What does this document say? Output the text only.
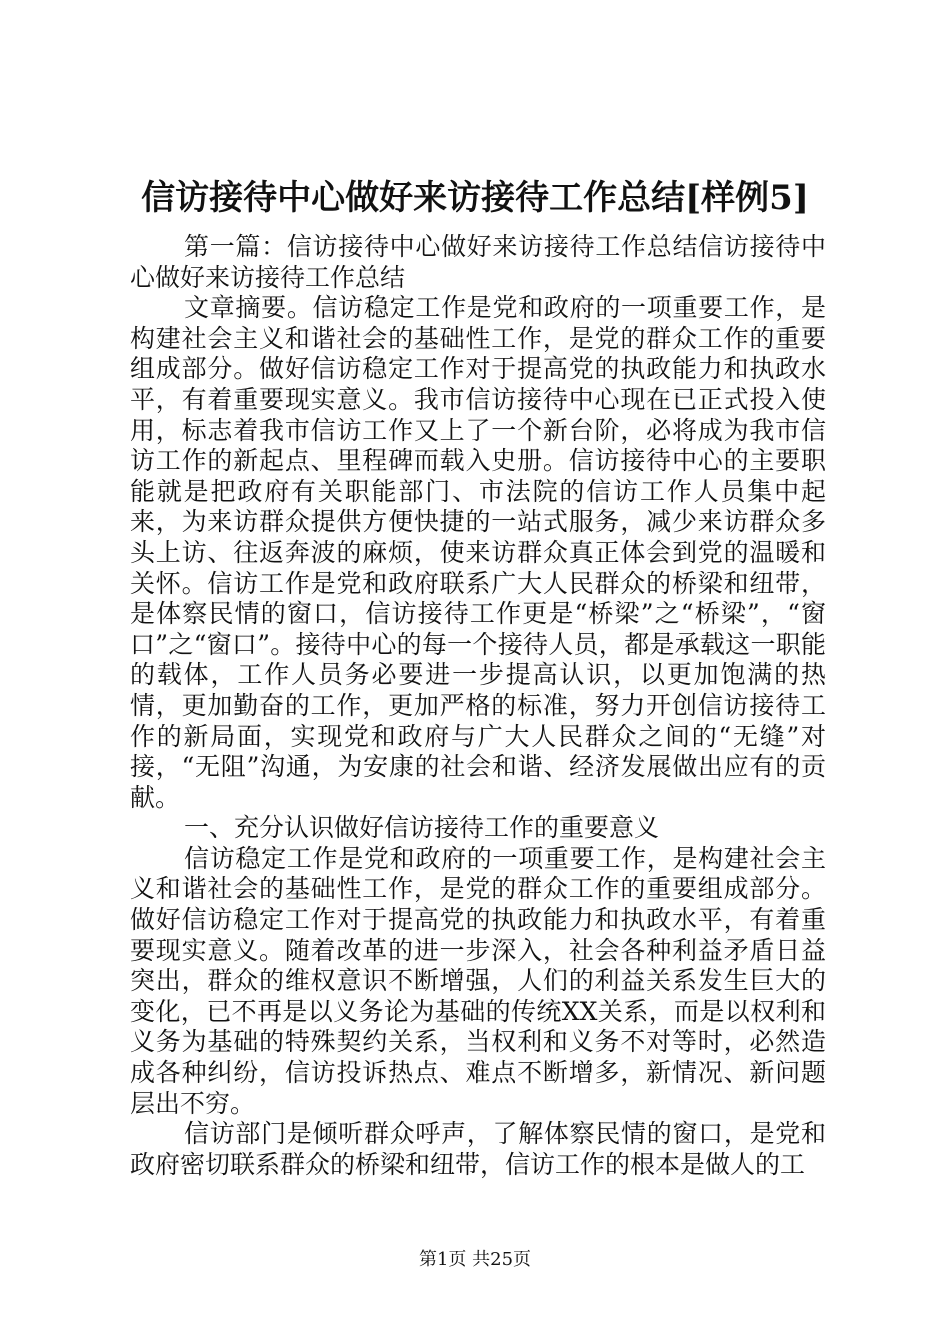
信访接待中心做好来访接待工作总结[样例5]

第一篇：信访接待中心做好来访接待工作总结信访接待中心做好来访接待工作总结

文章摘要。信访稳定工作是党和政府的一项重要工作，是构建社会主义和谐社会的基础性工作，是党的群众工作的重要组成部分。做好信访稳定工作对于提高党的执政能力和执政水平，有着重要现实意义。我市信访接待中心现在已正式投入使用，标志着我市信访工作又上了一个新台阶，必将成为我市信访工作的新起点、里程碑而载入史册。信访接待中心的主要职能就是把政府有关职能部门、市法院的信访工作人员集中起来，为来访群众提供方便快捷的一站式服务，减少来访群众多头上访、往返奔波的麻烦，使来访群众真正体会到党的温暖和关怀。信访工作是党和政府联系广大人民群众的桥梁和纽带，是体察民情的窗口，信访接待工作更是“桥梁”之“桥梁”，“窗口”之“窗口”。接待中心的每一个接待人员，都是承载这一职能的载体，工作人员务必要进一步提高认识，以更加饱满的热情，更加勤奋的工作，更加严格的标准，努力开创信访接待工作的新局面，实现党和政府与广大人民群众之间的“无缝”对接，“无阻”沟通，为安康的社会和谐、经济发展做出应有的贡献。

一、充分认识做好信访接待工作的重要意义

信访稳定工作是党和政府的一项重要工作，是构建社会主义和谐社会的基础性工作，是党的群众工作的重要组成部分。做好信访稳定工作对于提高党的执政能力和执政水平，有着重要现实意义。随着改革的进一步深入，社会各种利益矛盾日益突出，群众的维权意识不断增强，人们的利益关系发生巨大的变化，已不再是以义务论为基础的传统XX关系，而是以权利和义务为基础的特殊契约关系，当权利和义务不对等时，必然造成各种纠纷，信访投诉热点、难点不断增多，新情况、新问题层出不穷。

信访部门是倾听群众呼声，了解体察民情的窗口，是党和政府密切联系群众的桥梁和纽带，信访工作的根本是做人的工

第1页 共25页
